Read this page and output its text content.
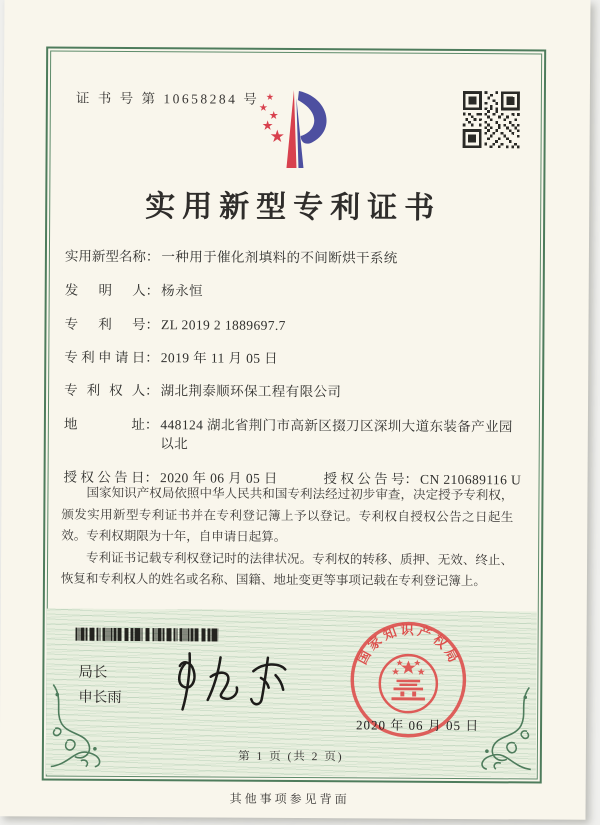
证 书 号 第 10658284 号
★
★
★
★
★
实用新型专利证书
实用新型名称 ： 一种用于催化剂填料的不间断烘干系统
发明人 ： 杨永恒
专利号 ： ZL 2019 2 1889697.7
专利申请日 ： 2019 年 11 月 05 日
专利权人 ： 湖北荆泰顺环保工程有限公司
地址 ： 448124 湖北省荆门市高新区掇刀区深圳大道东装备产业园以北
授权公告日 ： 2020 年 06 月 05 日	授权公告号 ： CN 210689116 U

国家知识产权局依照中华人民共和国专利法经过初步审查，决定授予专利权，颁发实用新型专利证书并在专利登记簿上予以登记。专利权自授权公告之日起生效。专利权期限为十年，自申请日起算。

专利证书记载专利权登记时的法律状况。专利权的转移、质押、无效、终止、恢复和专利权人的姓名或名称、国籍、地址变更等事项记载在专利登记簿上。

局长
申长雨
国家知识产权局
2020 年 06 月 05 日
第 1 页 (共 2 页)
其他事项参见背面
